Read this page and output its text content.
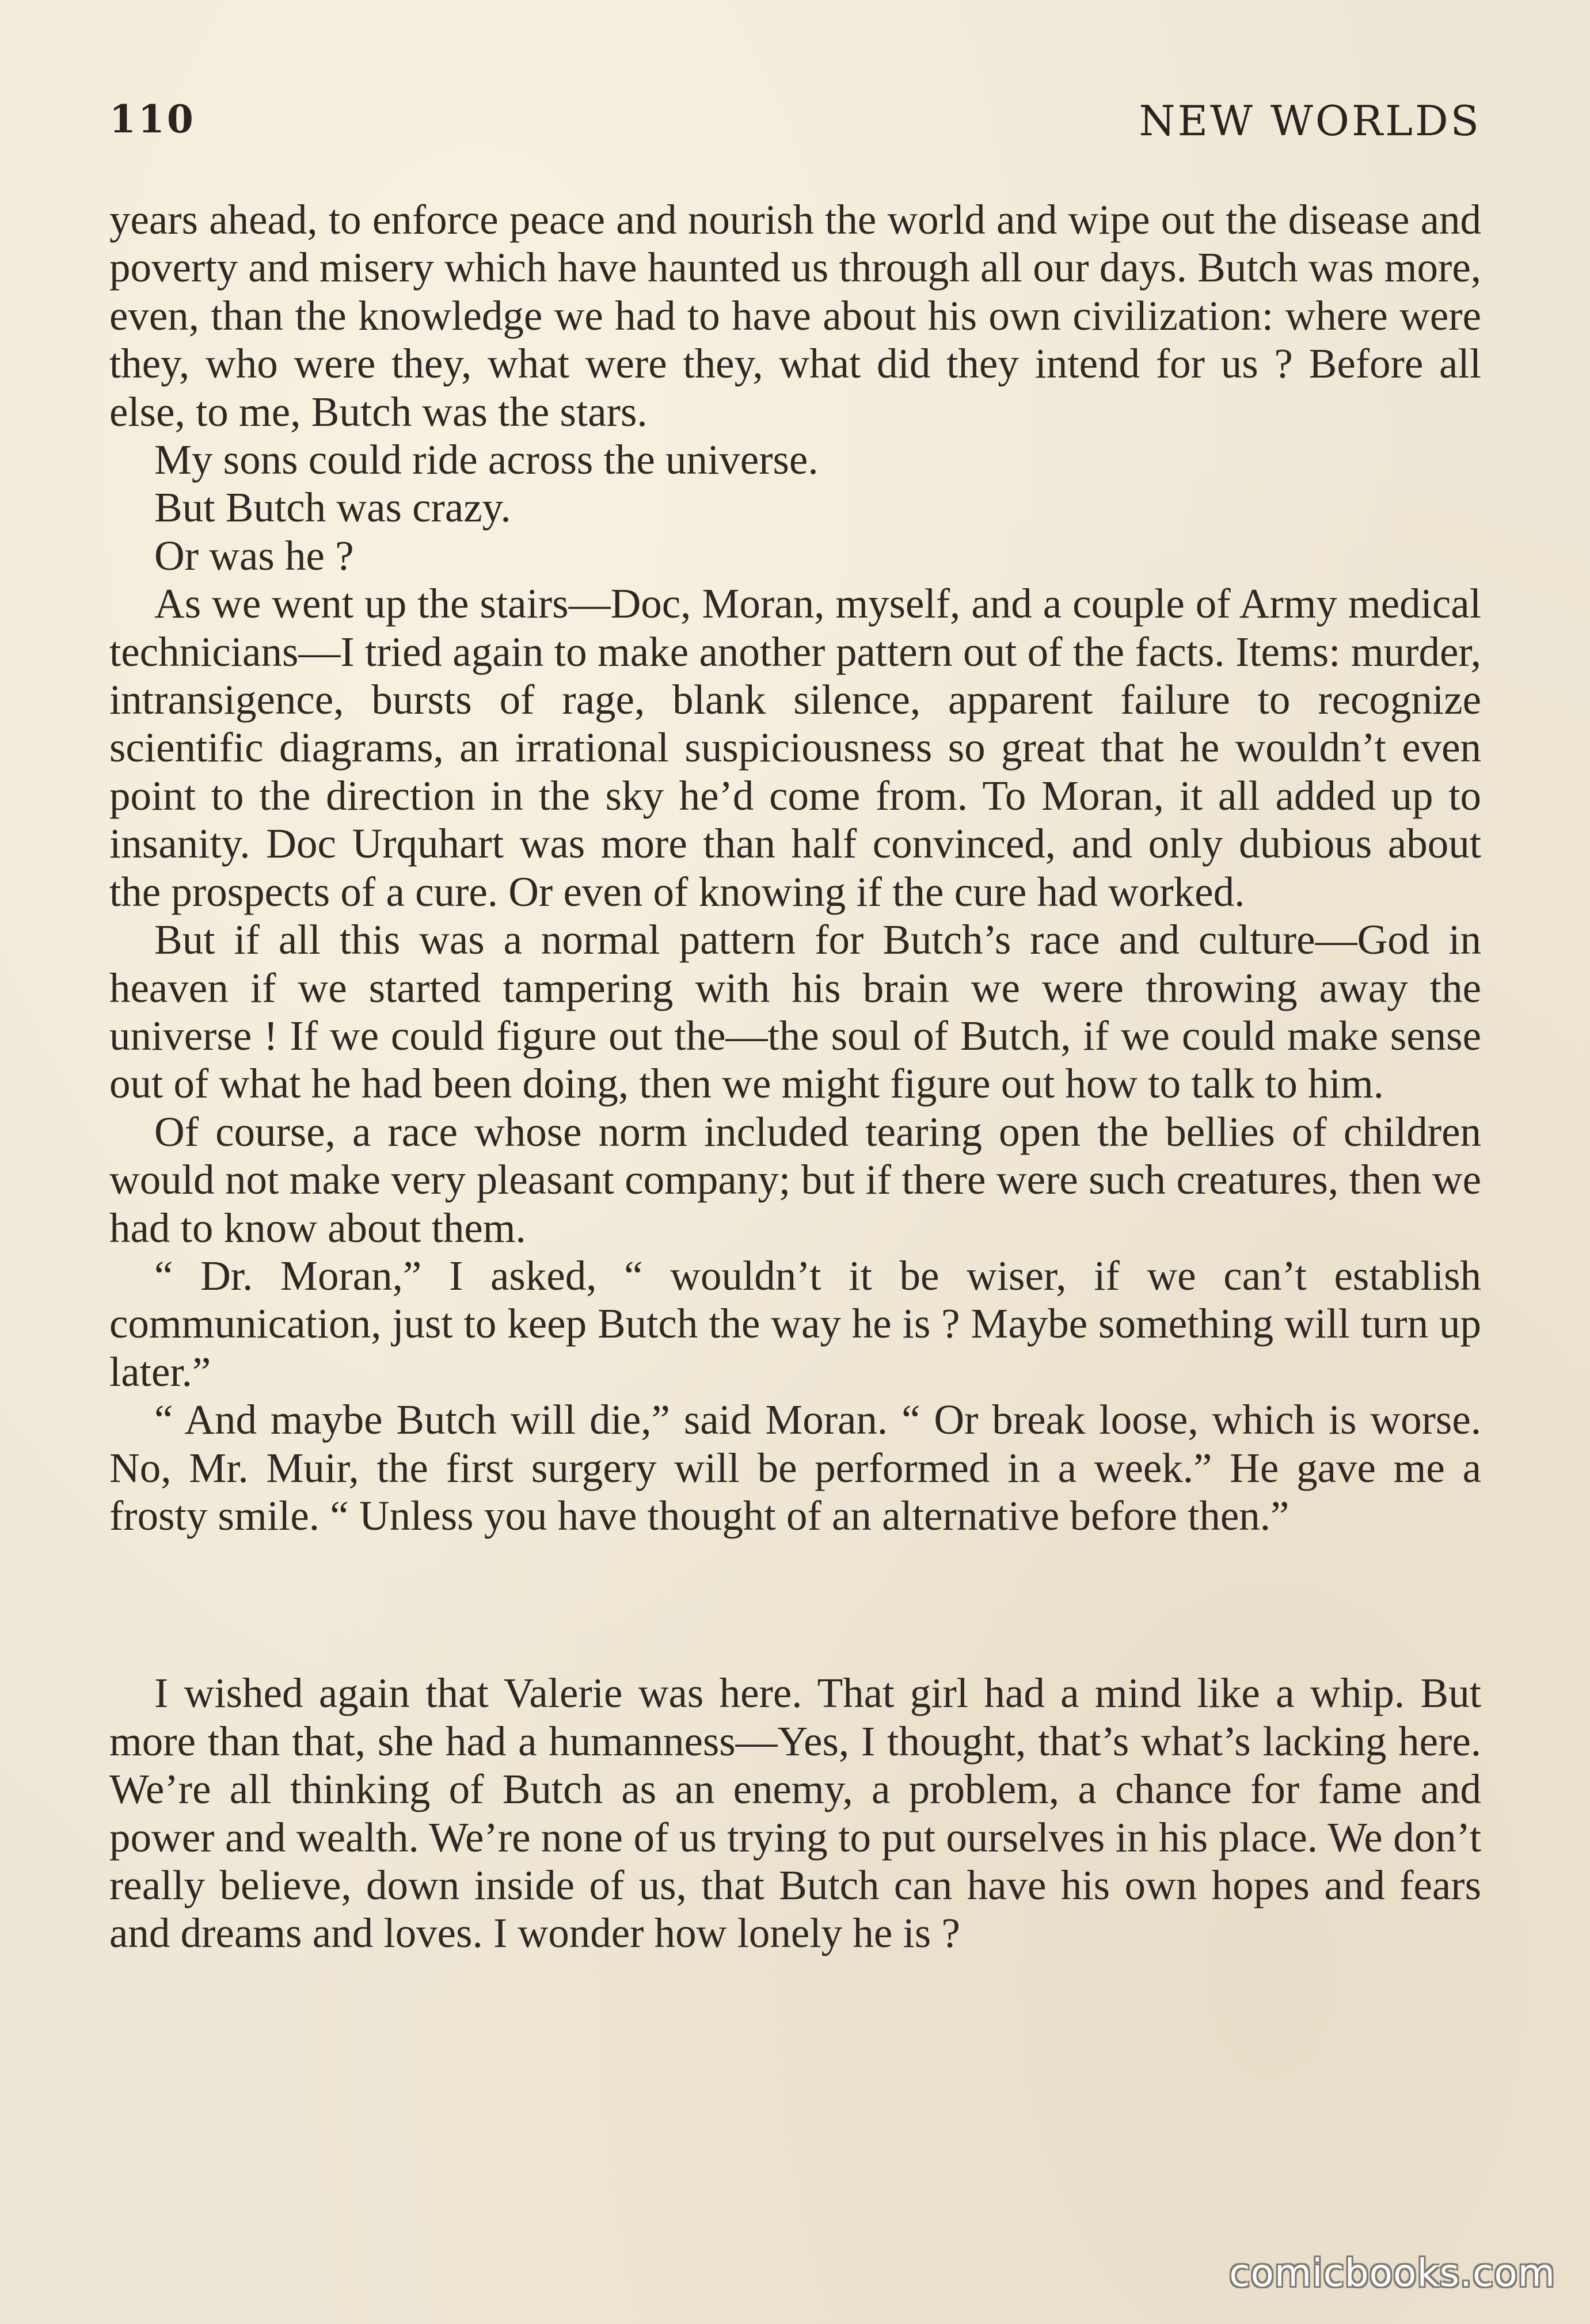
110	NEW WORLDS

years ahead, to enforce peace and nourish the world and wipe out the disease and poverty and misery which have haunted us through all our days. Butch was more, even, than the knowledge we had to have about his own civilization: where were they, who were they, what were they, what did they intend for us ? Before all else, to me, Butch was the stars.

My sons could ride across the universe.

But Butch was crazy.

Or was he ?

As we went up the stairs—Doc, Moran, myself, and a couple of Army medical technicians—I tried again to make another pattern out of the facts. Items: murder, intransigence, bursts of rage, blank silence, apparent failure to recognize scientific diagrams, an irrational suspiciousness so great that he wouldn’t even point to the direction in the sky he’d come from. To Moran, it all added up to insanity. Doc Urquhart was more than half convinced, and only dubious about the prospects of a cure. Or even of knowing if the cure had worked.

But if all this was a normal pattern for Butch’s race and culture—God in heaven if we started tampering with his brain we were throwing away the universe ! If we could figure out the—the soul of Butch, if we could make sense out of what he had been doing, then we might figure out how to talk to him.

Of course, a race whose norm included tearing open the bellies of children would not make very pleasant company; but if there were such creatures, then we had to know about them.

“ Dr. Moran,” I asked, “ wouldn’t it be wiser, if we can’t establish communication, just to keep Butch the way he is ? Maybe something will turn up later.”

“ And maybe Butch will die,” said Moran. “ Or break loose, which is worse. No, Mr. Muir, the first surgery will be performed in a week.” He gave me a frosty smile. “ Unless you have thought of an alternative before then.”

I wished again that Valerie was here. That girl had a mind like a whip. But more than that, she had a humanness—Yes, I thought, that’s what’s lacking here. We’re all thinking of Butch as an enemy, a problem, a chance for fame and power and wealth. We’re none of us trying to put ourselves in his place. We don’t really believe, down inside of us, that Butch can have his own hopes and fears and dreams and loves. I wonder how lonely he is ?

comicbooks.com
